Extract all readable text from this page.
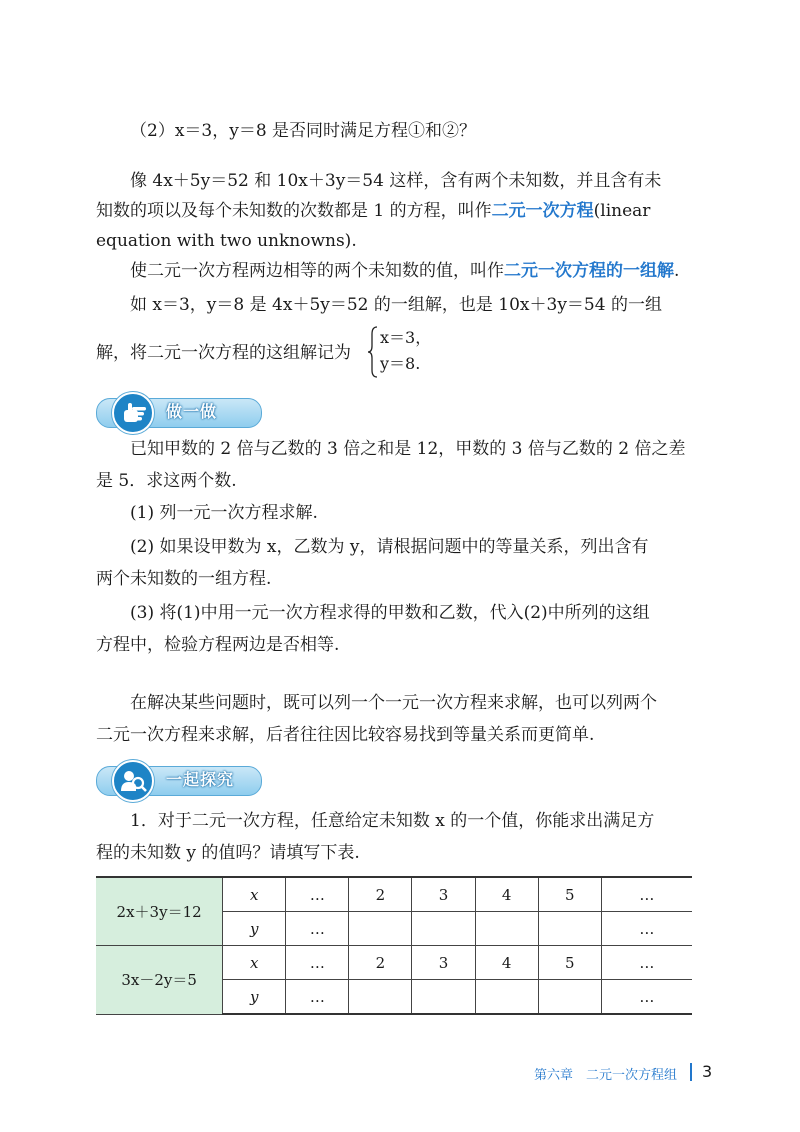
（2）x＝3，y＝8 是否同时满足方程①和②？
像 4x＋5y＝52 和 10x＋3y＝54 这样，含有两个未知数，并且含有未
知数的项以及每个未知数的次数都是 1 的方程，叫作二元一次方程(linear
equation with two unknowns).
使二元一次方程两边相等的两个未知数的值，叫作二元一次方程的一组解.
如 x＝3，y＝8 是 4x＋5y＝52 的一组解，也是 10x＋3y＝54 的一组
解，将二元一次方程的这组解记为
x＝3，
y＝8.
做一做
已知甲数的 2 倍与乙数的 3 倍之和是 12，甲数的 3 倍与乙数的 2 倍之差
是 5．求这两个数.
(1) 列一元一次方程求解.
(2) 如果设甲数为 x，乙数为 y，请根据问题中的等量关系，列出含有
两个未知数的一组方程.
(3) 将(1)中用一元一次方程求得的甲数和乙数，代入(2)中所列的这组
方程中，检验方程两边是否相等.
在解决某些问题时，既可以列一个一元一次方程来求解，也可以列两个
二元一次方程来求解，后者往往因比较容易找到等量关系而更简单.
一起探究
1．对于二元一次方程，任意给定未知数 x 的一个值，你能求出满足方
程的未知数 y 的值吗？请填写下表.
2x＋3y＝12	x	…	2	3	4	5	…
	y	…					…
3x－2y＝5	x	…	2	3	4	5	…
	y	…					…
第六章　二元一次方程组 3
